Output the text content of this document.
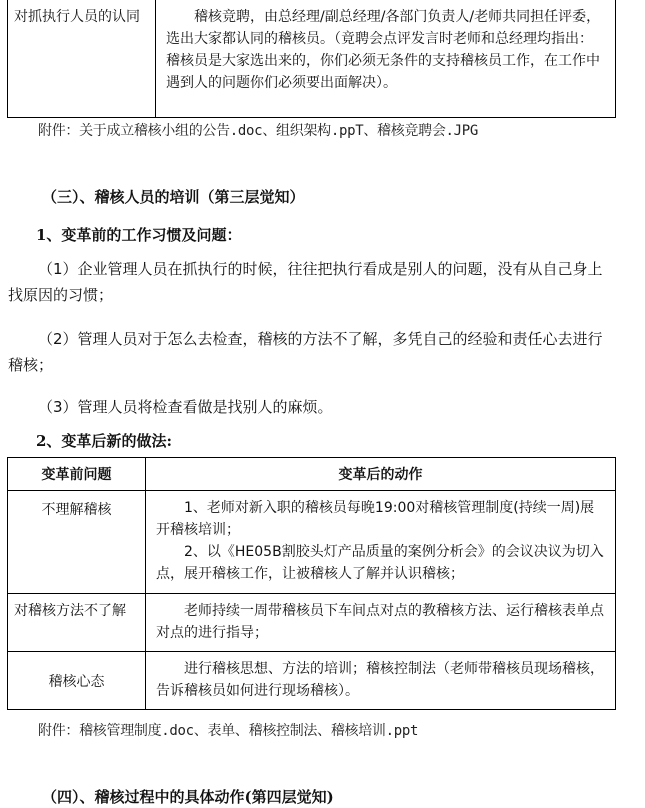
对抓执行人员的认同	稽核竞聘，由总经理/副总经理/各部门负责人/老师共同担任评委，选出大家都认同的稽核员。（竟聘会点评发言时老师和总经理均指出：稽核员是大家选出来的，你们必须无条件的支持稽核员工作，在工作中遇到人的问题你们必须要出面解决）。
附件：关于成立稽核小组的公告.doc、组织架构.ppT、稽核竞聘会.JPG
（三）、稽核人员的培训（第三层觉知）
1、变革前的工作习惯及问题：
（1）企业管理人员在抓执行的时候，往往把执行看成是别人的问题，没有从自己身上找原因的习惯；
（2）管理人员对于怎么去检查，稽核的方法不了解，多凭自己的经验和责任心去进行稽核；
（3）管理人员将检查看做是找别人的麻烦。
2、变革后新的做法:
变革前问题	变革后的动作
不理解稽核	1、老师对新入职的稽核员每晚19:00对稽核管理制度(持续一周)展开稽核培训；
2、以《HE05B割胶头灯产品质量的案例分析会》的会议决议为切入点，展开稽核工作，让被稽核人了解并认识稽核；

对稽核方法不了解	老师持续一周带稽核员下车间点对点的教稽核方法、运行稽核表单点对点的进行指导；

稽核心态	进行稽核思想、方法的培训；稽核控制法（老师带稽核员现场稽核，告诉稽核员如何进行现场稽核）。
附件：稽核管理制度.doc、表单、稽核控制法、稽核培训.ppt
（四）、稽核过程中的具体动作(第四层觉知)
